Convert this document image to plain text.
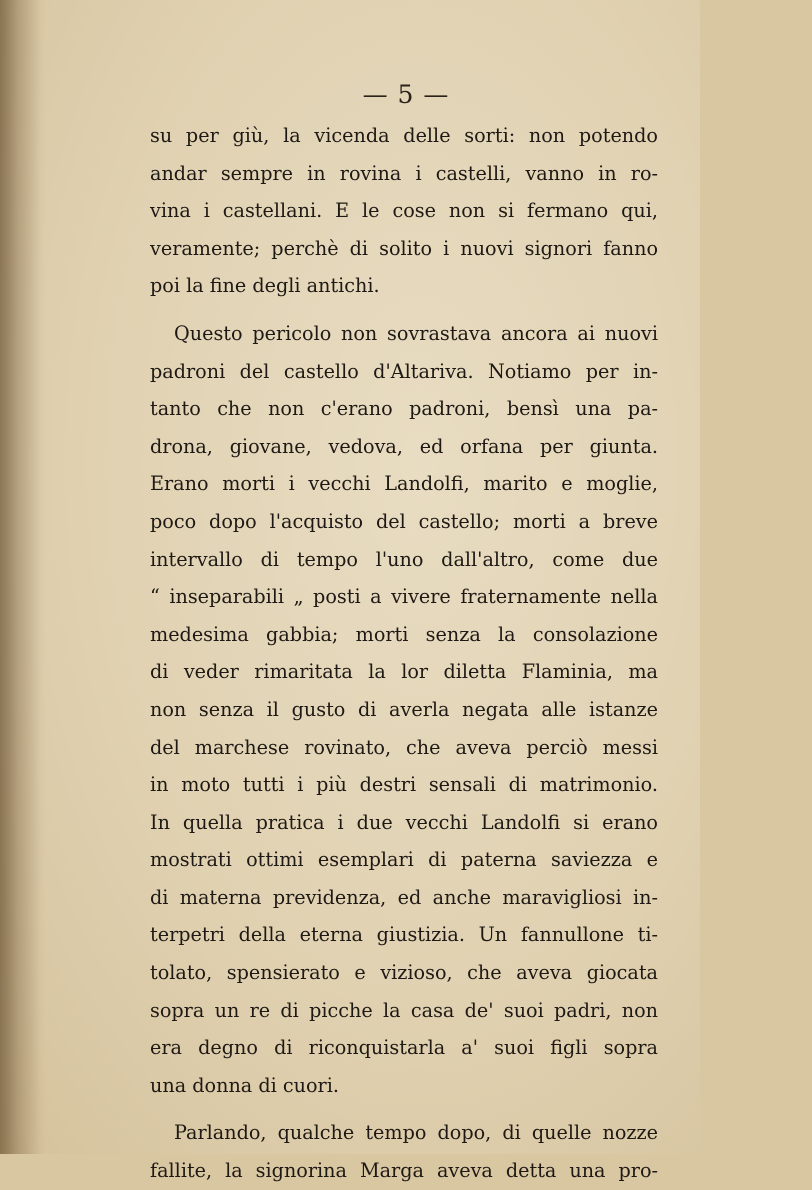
— 5 —
su per giù, la vicenda delle sorti: non potendo
andar sempre in rovina i castelli, vanno in ro-
vina i castellani. E le cose non si fermano qui,
veramente; perchè di solito i nuovi signori fanno
poi la fine degli antichi.
Questo pericolo non sovrastava ancora ai nuovi
padroni del castello d'Altariva. Notiamo per in-
tanto che non c'erano padroni, bensì una pa-
drona, giovane, vedova, ed orfana per giunta.
Erano morti i vecchi Landolfi, marito e moglie,
poco dopo l'acquisto del castello; morti a breve
intervallo di tempo l'uno dall'altro, come due
“ inseparabili „ posti a vivere fraternamente nella
medesima gabbia; morti senza la consolazione
di veder rimaritata la lor diletta Flaminia, ma
non senza il gusto di averla negata alle istanze
del marchese rovinato, che aveva perciò messi
in moto tutti i più destri sensali di matrimonio.
In quella pratica i due vecchi Landolfi si erano
mostrati ottimi esemplari di paterna saviezza e
di materna previdenza, ed anche maravigliosi in-
terpetri della eterna giustizia. Un fannullone ti-
tolato, spensierato e vizioso, che aveva giocata
sopra un re di picche la casa de' suoi padri, non
era degno di riconquistarla a' suoi figli sopra
una donna di cuori.
Parlando, qualche tempo dopo, di quelle nozze
fallite, la signorina Marga aveva detta una pro-
